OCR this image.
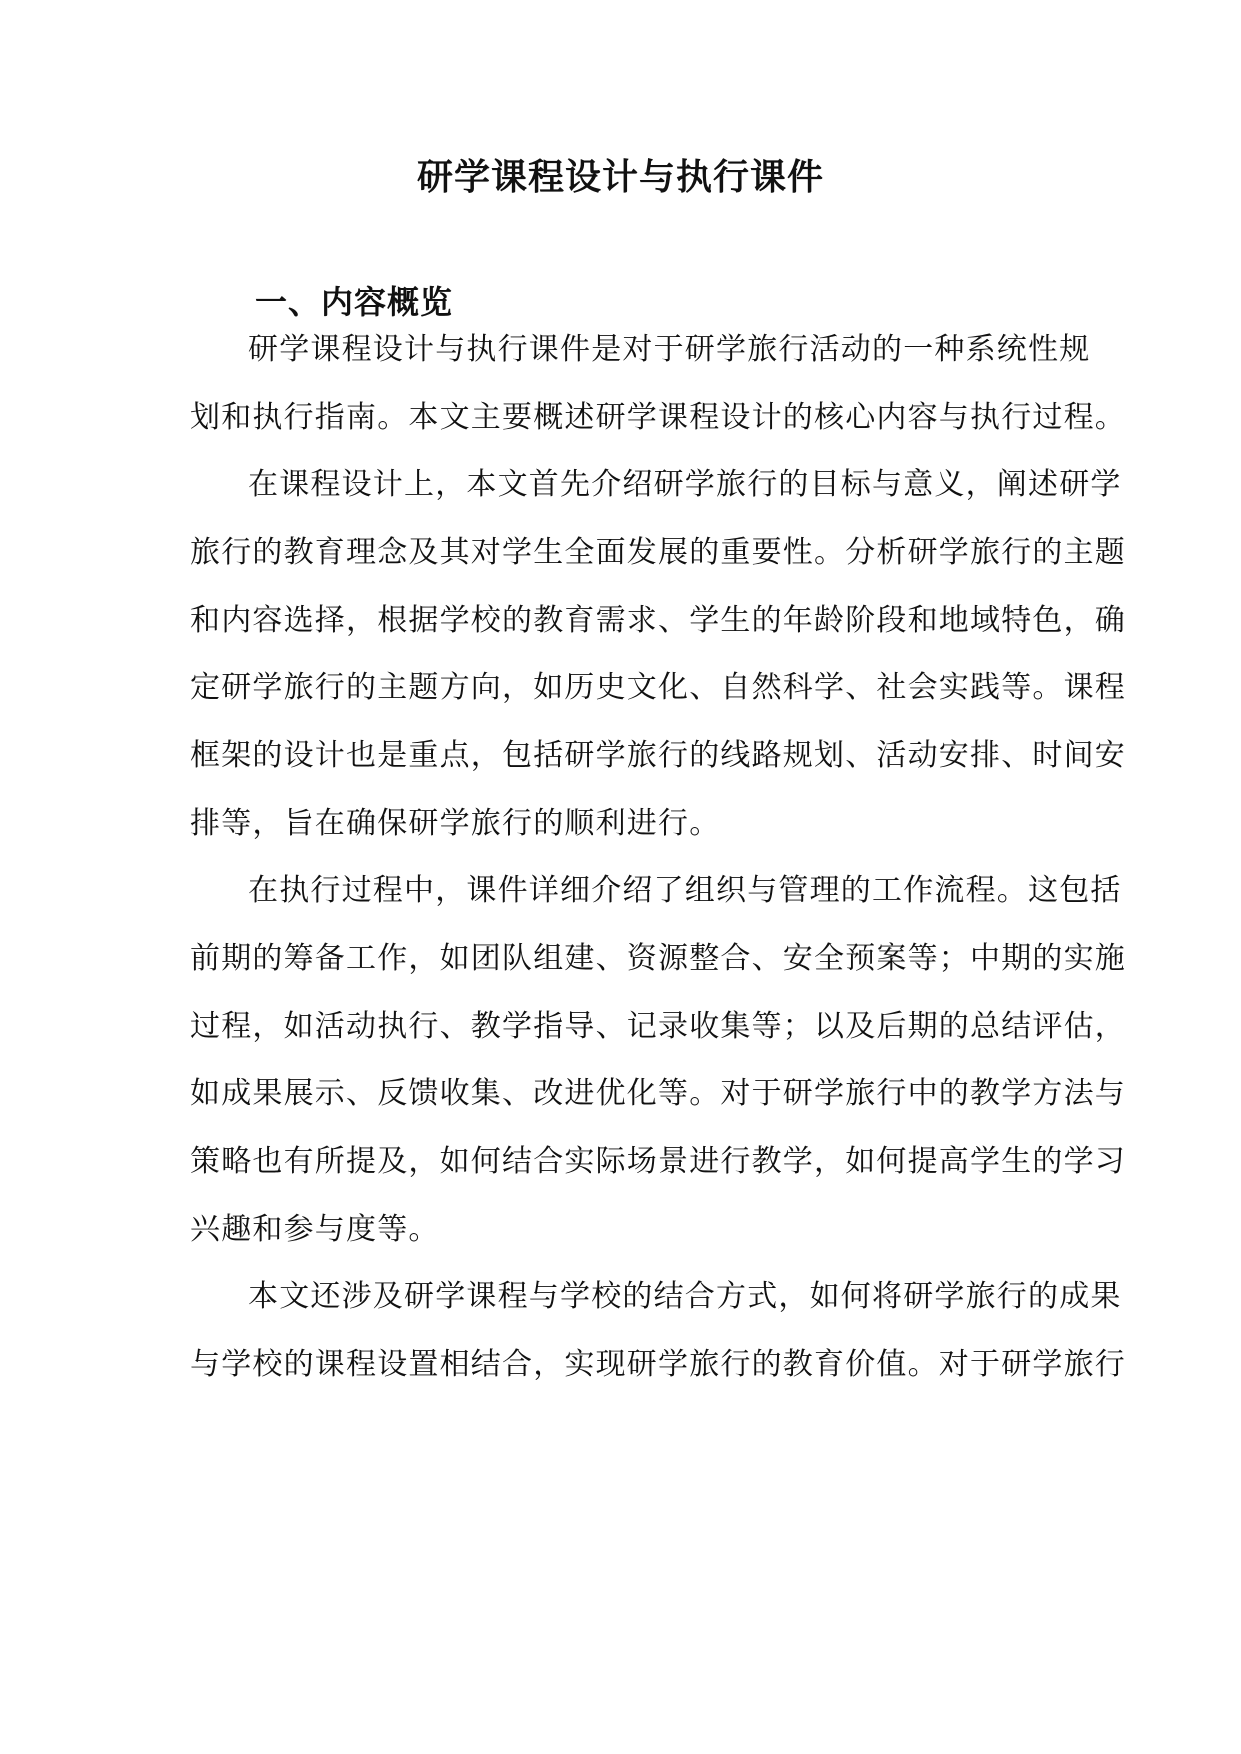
研学课程设计与执行课件
一、内容概览
研学课程设计与执行课件是对于研学旅行活动的一种系统性规
划和执行指南。本文主要概述研学课程设计的核心内容与执行过程。
在课程设计上，本文首先介绍研学旅行的目标与意义，阐述研学
旅行的教育理念及其对学生全面发展的重要性。分析研学旅行的主题
和内容选择，根据学校的教育需求、学生的年龄阶段和地域特色，确
定研学旅行的主题方向，如历史文化、自然科学、社会实践等。课程
框架的设计也是重点，包括研学旅行的线路规划、活动安排、时间安
排等，旨在确保研学旅行的顺利进行。
在执行过程中，课件详细介绍了组织与管理的工作流程。这包括
前期的筹备工作，如团队组建、资源整合、安全预案等；中期的实施
过程，如活动执行、教学指导、记录收集等；以及后期的总结评估，
如成果展示、反馈收集、改进优化等。对于研学旅行中的教学方法与
策略也有所提及，如何结合实际场景进行教学，如何提高学生的学习
兴趣和参与度等。
本文还涉及研学课程与学校的结合方式，如何将研学旅行的成果
与学校的课程设置相结合，实现研学旅行的教育价值。对于研学旅行
